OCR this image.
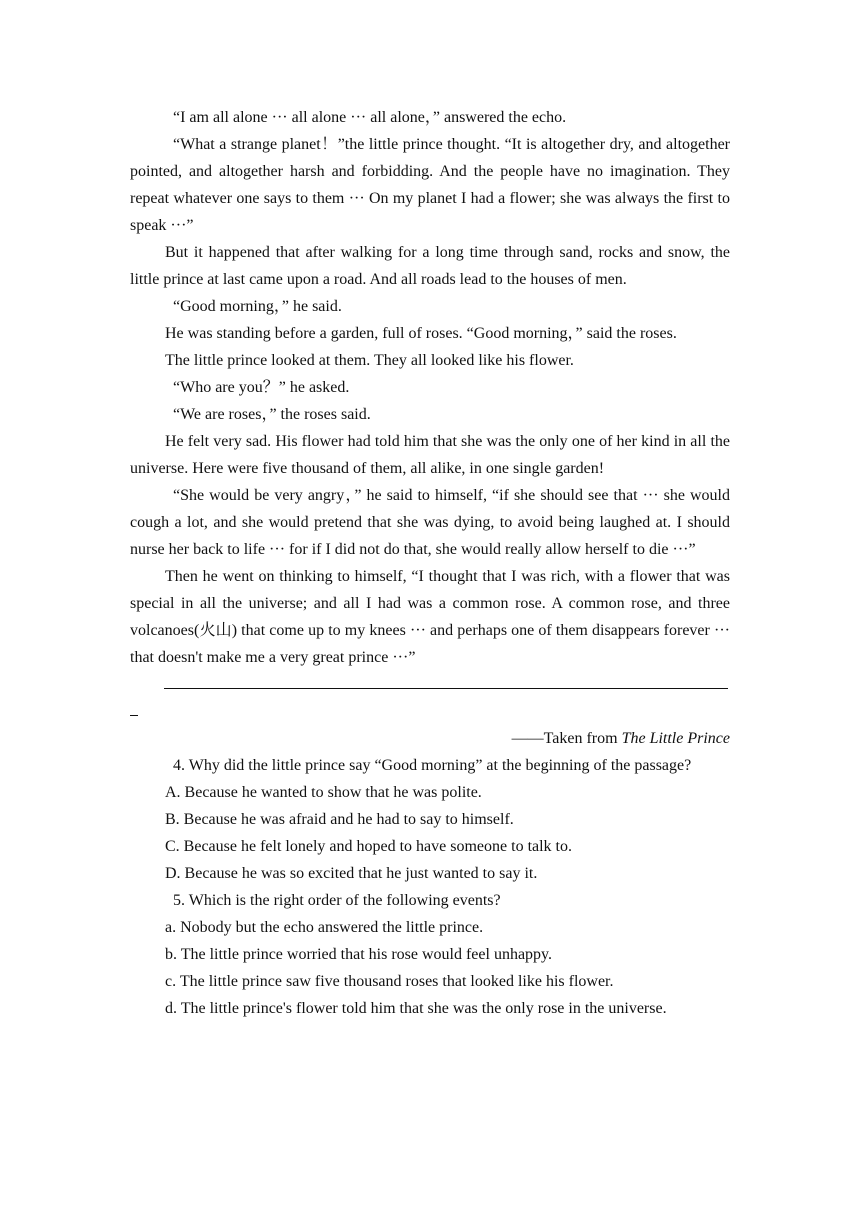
“I am all alone ··· all alone ··· all alone，” answered the echo.

“What a strange planet！”the little prince thought. “It is altogether dry, and altogether pointed, and altogether harsh and forbidding. And the people have no imagination. They repeat whatever one says to them ··· On my planet I had a flower; she was always the first to speak ···”

But it happened that after walking for a long time through sand, rocks and snow, the little prince at last came upon a road. And all roads lead to the houses of men.

“Good morning，” he said.

He was standing before a garden, full of roses. “Good morning，” said the roses.

The little prince looked at them. They all looked like his flower.

“Who are you？” he asked.

“We are roses，” the roses said.

He felt very sad. His flower had told him that she was the only one of her kind in all the universe. Here were five thousand of them, all alike, in one single garden!

“She would be very angry，” he said to himself, “if she should see that ··· she would cough a lot, and she would pretend that she was dying, to avoid being laughed at. I should nurse her back to life ··· for if I did not do that, she would really allow herself to die ···”

Then he went on thinking to himself, “I thought that I was rich, with a flower that was special in all the universe; and all I had was a common rose. A common rose, and three volcanoes(火山) that come up to my knees ··· and perhaps one of them disappears forever ··· that doesn't make me a very great prince ···”

——Taken from The Little Prince

4. Why did the little prince say “Good morning” at the beginning of the passage?

A. Because he wanted to show that he was polite.

B. Because he was afraid and he had to say to himself.

C. Because he felt lonely and hoped to have someone to talk to.

D. Because he was so excited that he just wanted to say it.

5. Which is the right order of the following events?

a. Nobody but the echo answered the little prince.

b. The little prince worried that his rose would feel unhappy.

c. The little prince saw five thousand roses that looked like his flower.

d. The little prince's flower told him that she was the only rose in the universe.
